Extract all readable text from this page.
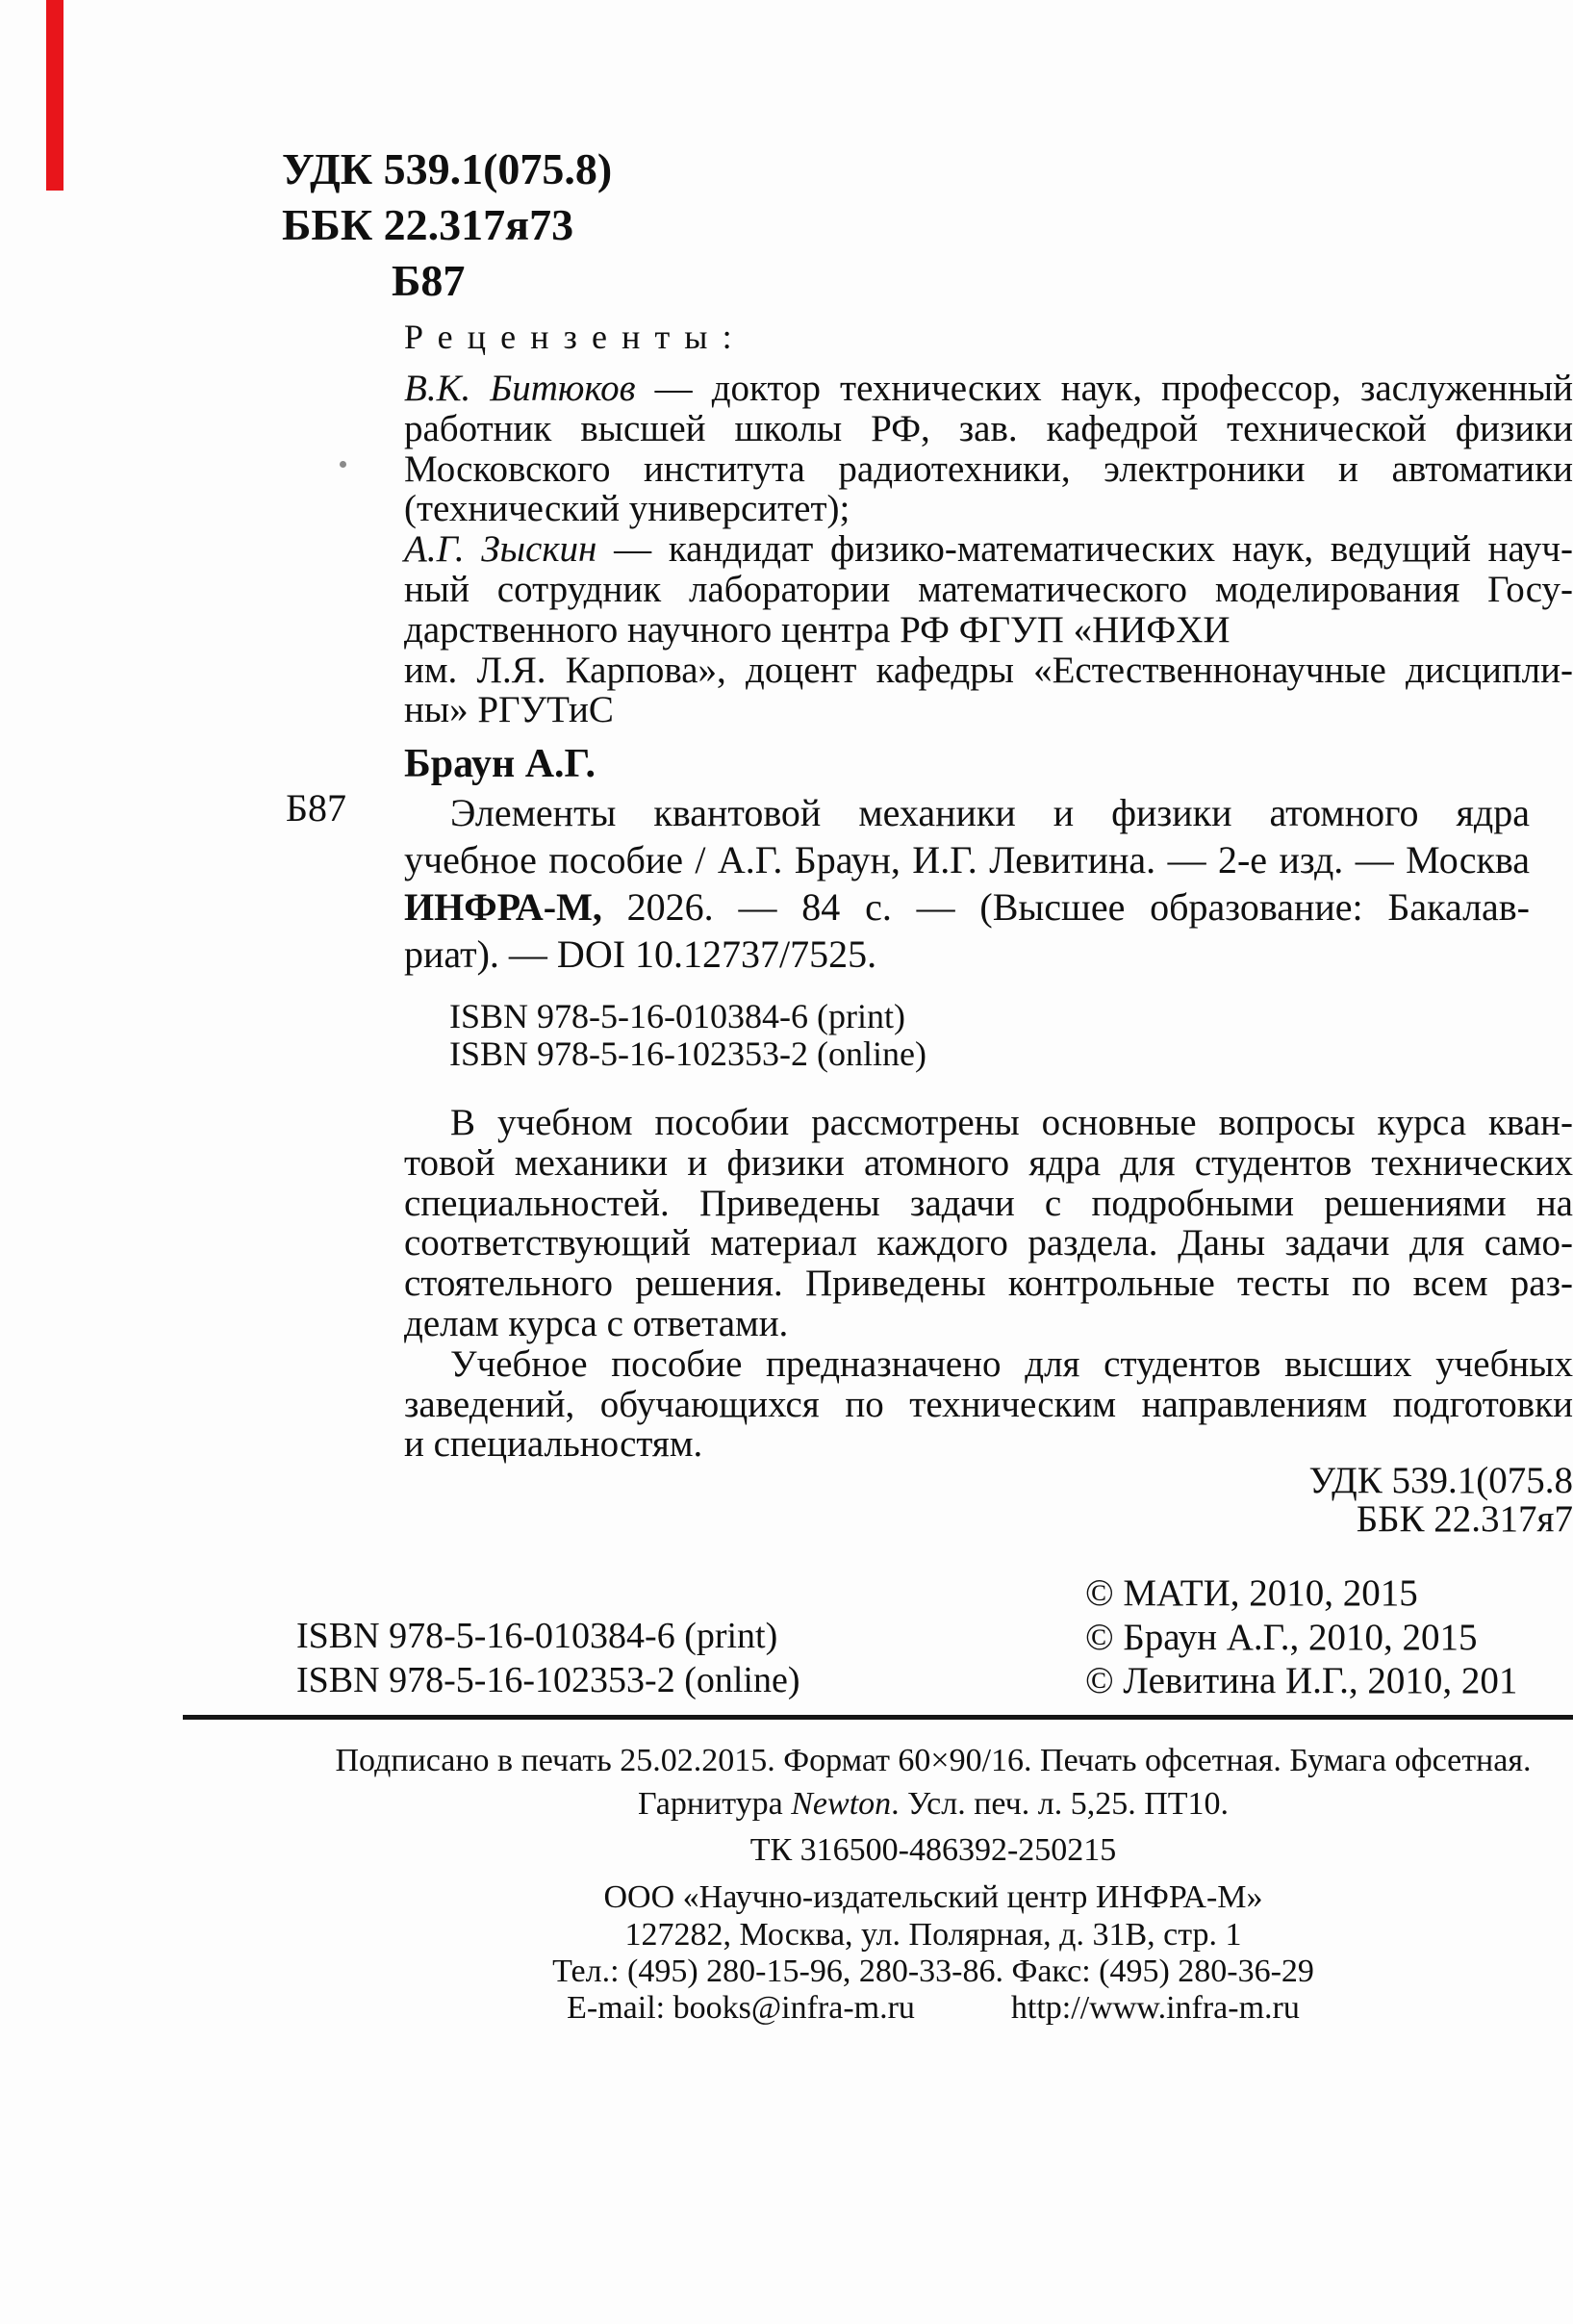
УДК 539.1(075.8)
ББК 22.317я73
Б87
Рецензенты:
В.К. Битюков — доктор технических наук, профессор, заслуженный
работник высшей школы РФ, зав. кафедрой технической физики
Московского института радиотехники, электроники и автоматики
(технический университет);
А.Г. Зыскин — кандидат физико-математических наук, ведущий науч-
ный сотрудник лаборатории математического моделирования Госу-
дарственного научного центра РФ ФГУП «НИФХИ
им. Л.Я. Карпова», доцент кафедры «Естественнонаучные дисципли-
ны» РГУТиС
Браун А.Г.
Б87	Элементы квантовой механики и физики атомного ядра
учебное пособие / А.Г. Браун, И.Г. Левитина. — 2-е изд. — Москва
ИНФРА-М, 2026. — 84 с. — (Высшее образование: Бакалав-
риат). — DOI 10.12737/7525.
ISBN 978-5-16-010384-6 (print)
ISBN 978-5-16-102353-2 (online)
В учебном пособии рассмотрены основные вопросы курса кван-
товой механики и физики атомного ядра для студентов технических
специальностей. Приведены задачи с подробными решениями на
соответствующий материал каждого раздела. Даны задачи для само-
стоятельного решения. Приведены контрольные тесты по всем раз-
делам курса с ответами.
Учебное пособие предназначено для студентов высших учебных
заведений, обучающихся по техническим направлениям подготовки
и специальностям.
УДК 539.1(075.8
ББК 22.317я7
© МАТИ, 2010, 2015
© Браун А.Г., 2010, 2015
© Левитина И.Г., 2010, 201
ISBN 978-5-16-010384-6 (print)
ISBN 978-5-16-102353-2 (online)
Подписано в печать 25.02.2015. Формат 60×90/16. Печать офсетная. Бумага офсетная.
Гарнитура Newton. Усл. печ. л. 5,25. ПТ10.
ТК 316500-486392-250215
ООО «Научно-издательский центр ИНФРА-М»
127282, Москва, ул. Полярная, д. 31В, стр. 1
Тел.: (495) 280-15-96, 280-33-86. Факс: (495) 280-36-29
E-mail: books@infra-m.ru	http://www.infra-m.ru
